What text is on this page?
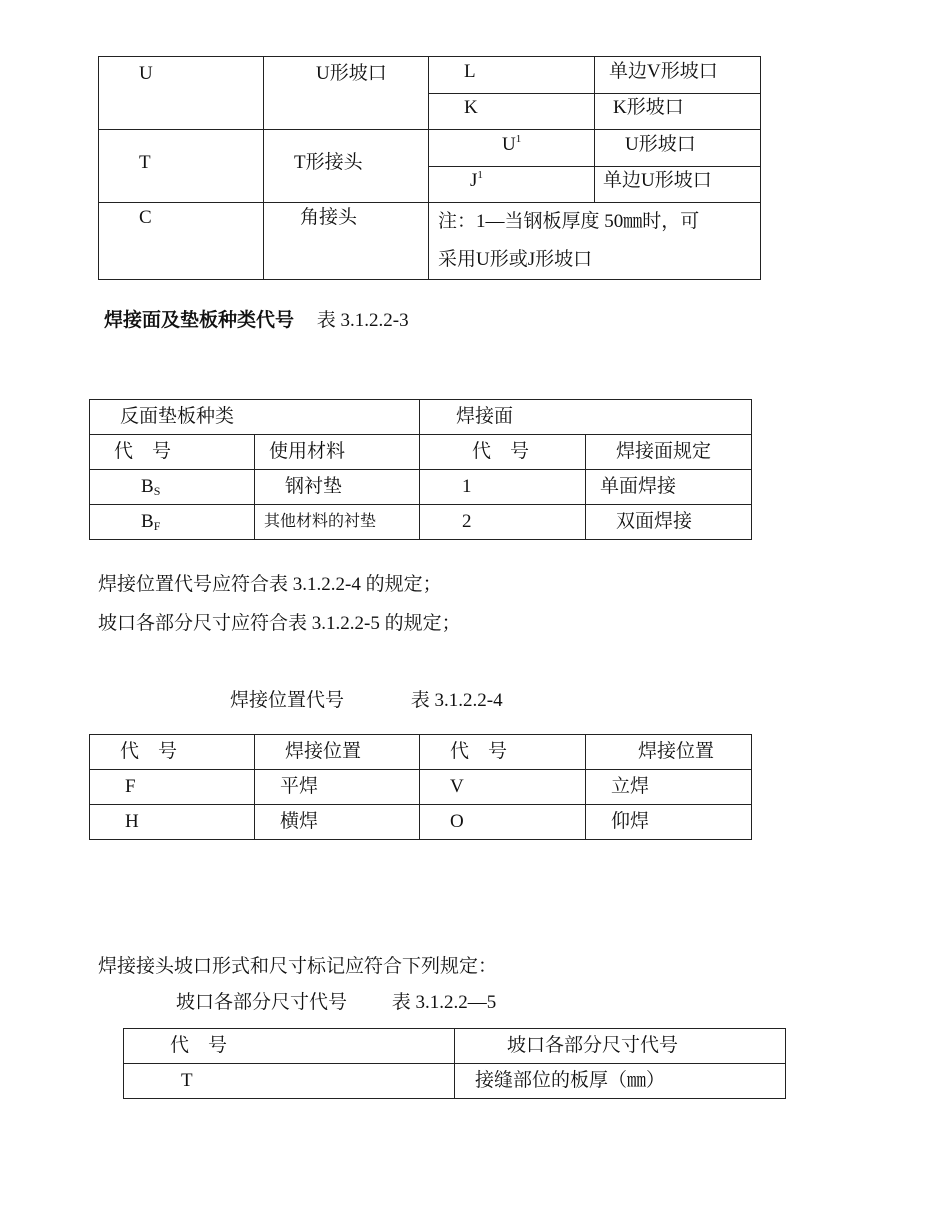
U	U形坡口	L	单边V形坡口
		K	K形坡口
T	T形接头	$U^1$	U形坡口
		$J^1$	单边U形坡口
C	角接头	注：1—当钢板厚度 50㎜时，可
采用U形或J形坡口	
焊接面及垫板种类代号 表 3.1.2.2-3
反面垫板种类		焊接面	
代　号	使用材料	代　号	焊接面规定
$B_S$	钢衬垫	1	单面焊接
$B_F$	其他材料的衬垫	2	双面焊接
焊接位置代号应符合表 3.1.2.2-4 的规定；
坡口各部分尺寸应符合表 3.1.2.2-5 的规定；
焊接位置代号	表 3.1.2.2-4
代　号	焊接位置	代　号	焊接位置
F	平焊	V	立焊
H	横焊	O	仰焊
焊接接头坡口形式和尺寸标记应符合下列规定：
坡口各部分尺寸代号 表 3.1.2.2—5
代　号	坡口各部分尺寸代号
T	接缝部位的板厚（㎜）
